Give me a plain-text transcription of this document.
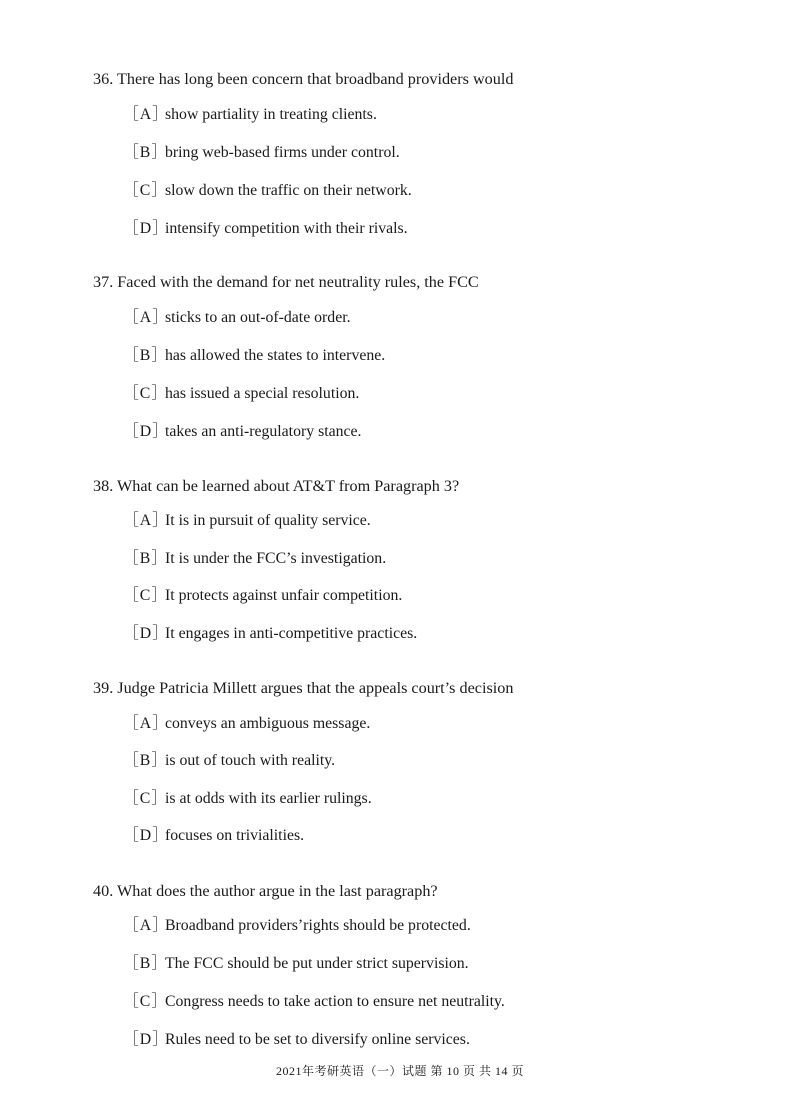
36. There has long been concern that broadband providers would
［A］show partiality in treating clients.
［B］bring web-based firms under control.
［C］slow down the traffic on their network.
［D］intensify competition with their rivals.
37. Faced with the demand for net neutrality rules, the FCC
［A］sticks to an out-of-date order.
［B］has allowed the states to intervene.
［C］has issued a special resolution.
［D］takes an anti-regulatory stance.
38. What can be learned about AT&T from Paragraph 3?
［A］It is in pursuit of quality service.
［B］It is under the FCC’s investigation.
［C］It protects against unfair competition.
［D］It engages in anti-competitive practices.
39. Judge Patricia Millett argues that the appeals court’s decision
［A］conveys an ambiguous message.
［B］is out of touch with reality.
［C］is at odds with its earlier rulings.
［D］focuses on trivialities.
40. What does the author argue in the last paragraph?
［A］Broadband providers’rights should be protected.
［B］The FCC should be put under strict supervision.
［C］Congress needs to take action to ensure net neutrality.
［D］Rules need to be set to diversify online services.
2021年考研英语（一）试题 第 10 页 共 14 页
